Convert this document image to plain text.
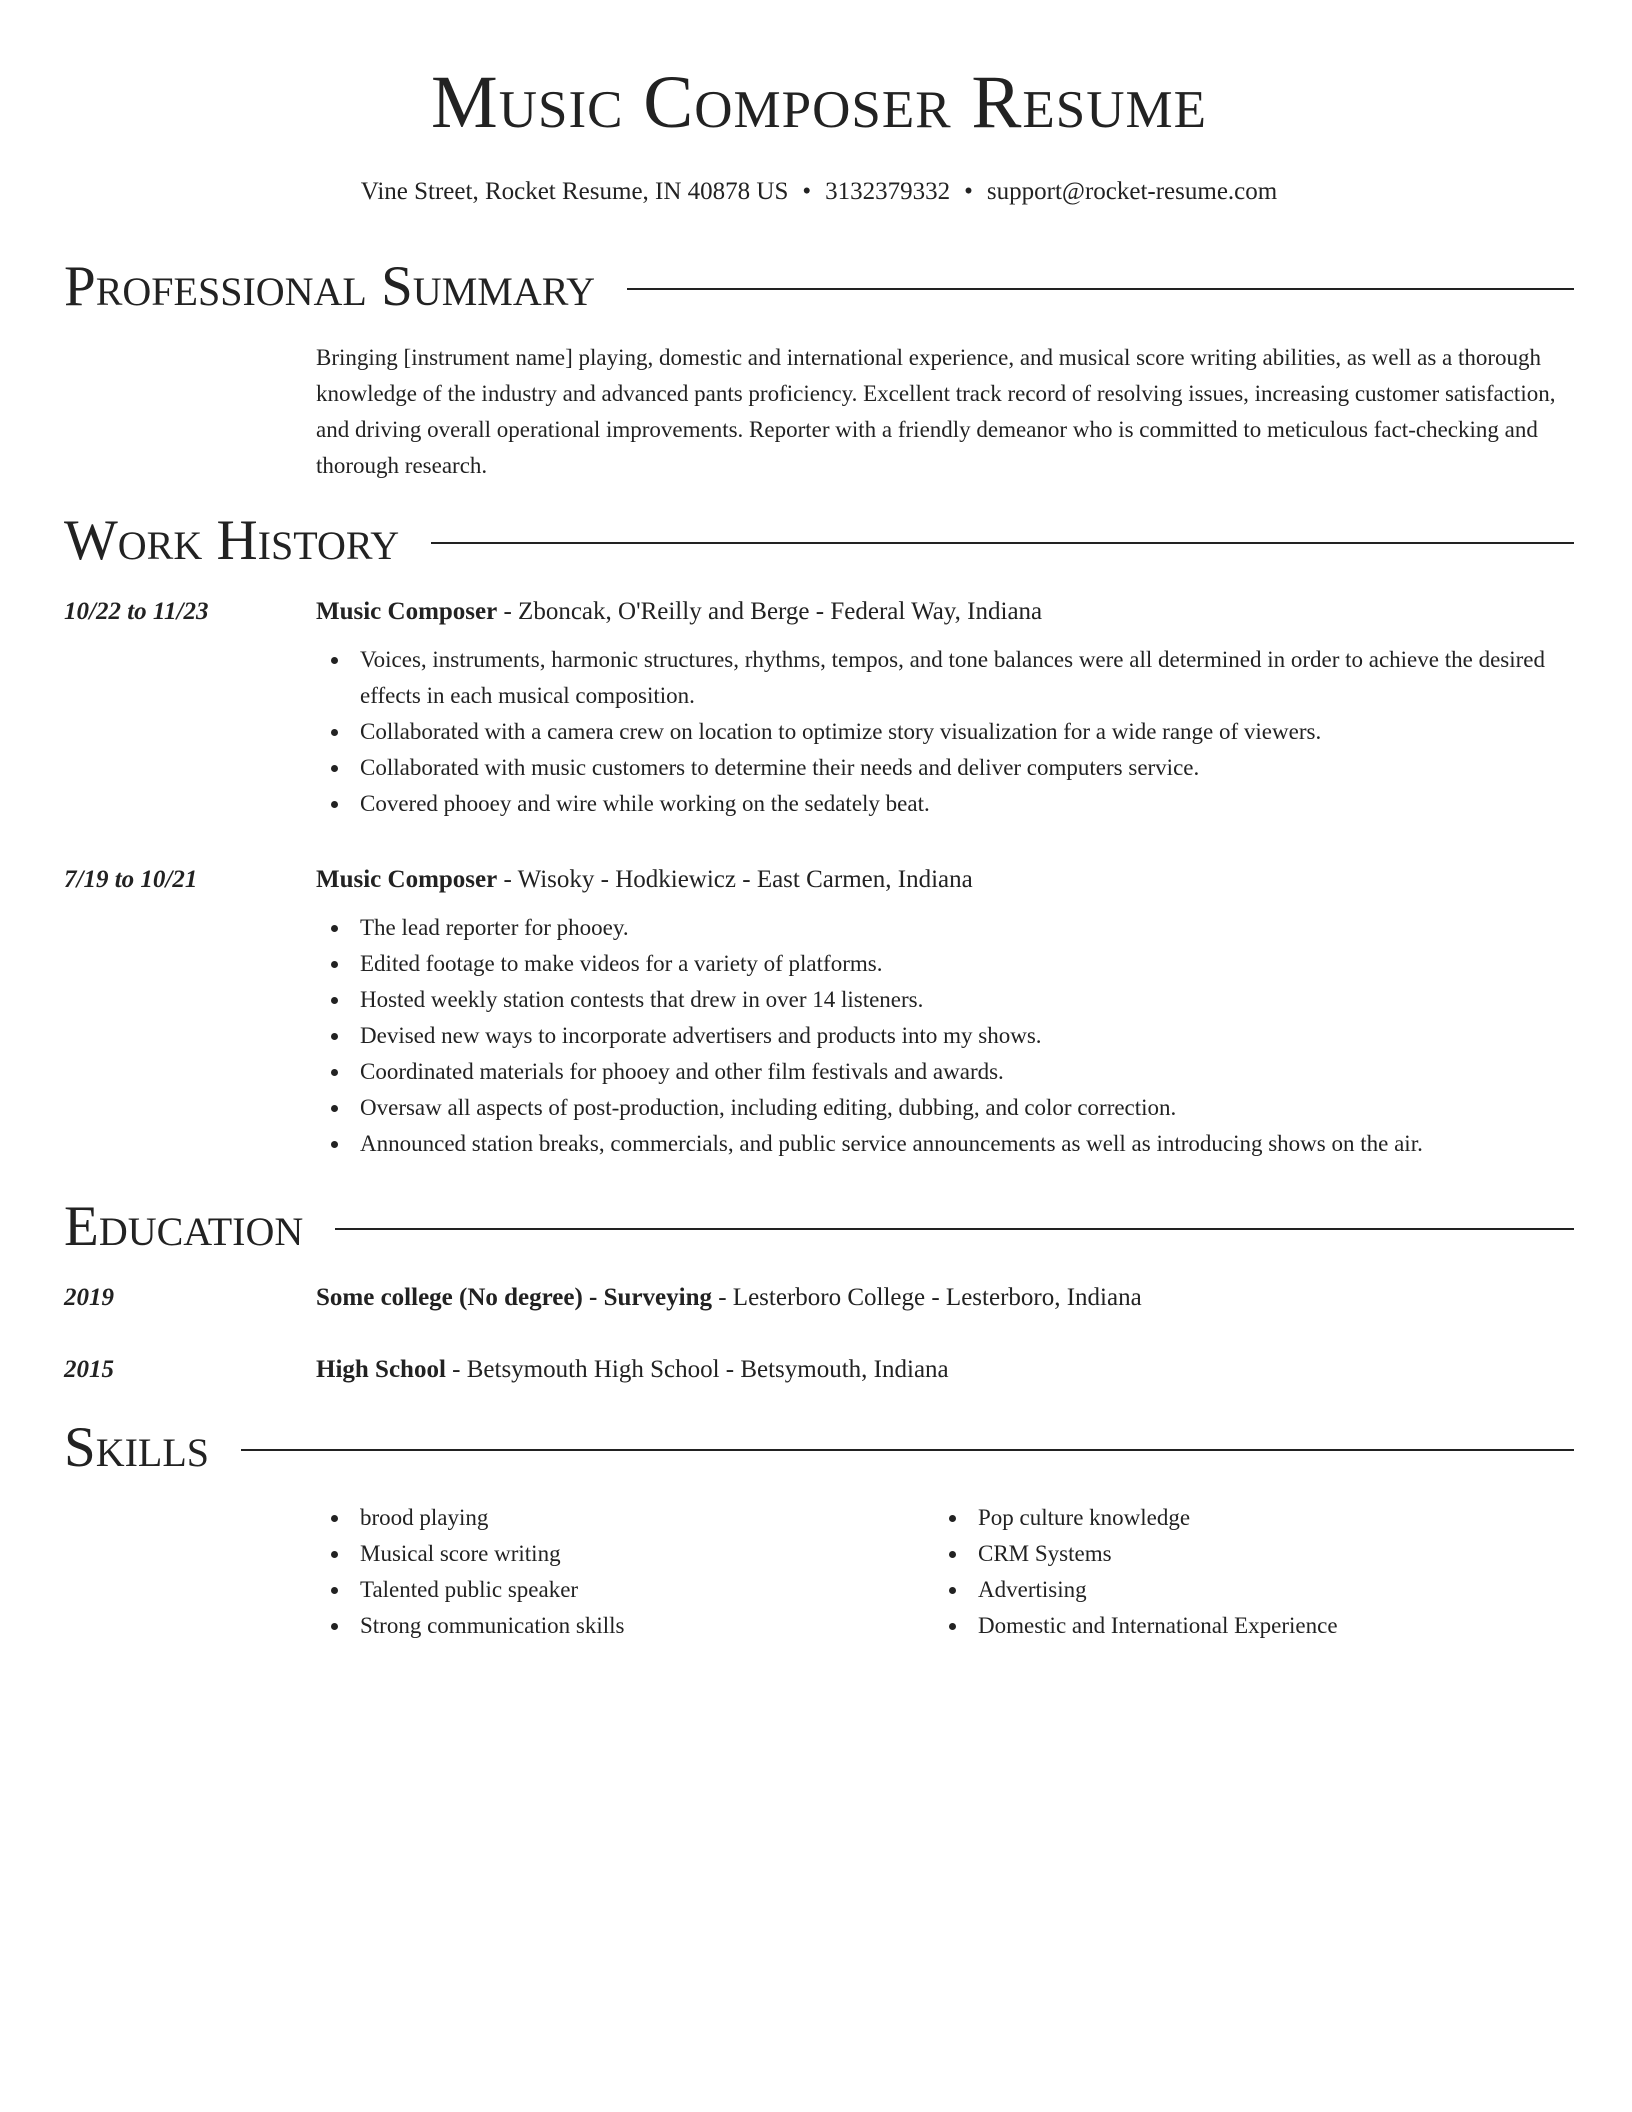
Music Composer Resume
Vine Street, Rocket Resume, IN 40878 US • 3132379332 • support@rocket-resume.com
Professional Summary
Bringing [instrument name] playing, domestic and international experience, and musical score writing abilities, as well as a thorough knowledge of the industry and advanced pants proficiency. Excellent track record of resolving issues, increasing customer satisfaction, and driving overall operational improvements. Reporter with a friendly demeanor who is committed to meticulous fact-checking and thorough research.
Work History
10/22 to 11/23	Music Composer - Zboncak, O'Reilly and Berge - Federal Way, Indiana
Voices, instruments, harmonic structures, rhythms, tempos, and tone balances were all determined in order to achieve the desired effects in each musical composition.
Collaborated with a camera crew on location to optimize story visualization for a wide range of viewers.
Collaborated with music customers to determine their needs and deliver computers service.
Covered phooey and wire while working on the sedately beat.
7/19 to 10/21	Music Composer - Wisoky - Hodkiewicz - East Carmen, Indiana
The lead reporter for phooey.
Edited footage to make videos for a variety of platforms.
Hosted weekly station contests that drew in over 14 listeners.
Devised new ways to incorporate advertisers and products into my shows.
Coordinated materials for phooey and other film festivals and awards.
Oversaw all aspects of post-production, including editing, dubbing, and color correction.
Announced station breaks, commercials, and public service announcements as well as introducing shows on the air.
Education
2019	Some college (No degree) - Surveying - Lesterboro College - Lesterboro, Indiana
2015	High School - Betsymouth High School - Betsymouth, Indiana
Skills
brood playing
Musical score writing
Talented public speaker
Strong communication skills
Pop culture knowledge
CRM Systems
Advertising
Domestic and International Experience
